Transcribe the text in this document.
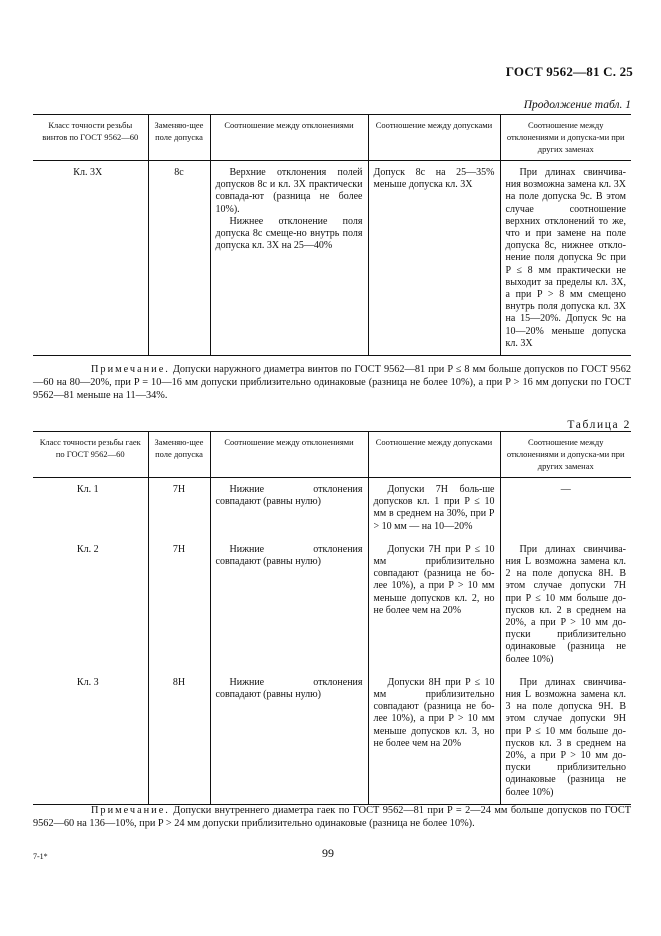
ГОСТ 9562—81 С. 25
Продолжение табл. 1
Класс точности резьбы винтов по ГОСТ 9562—60	Заменяю-щее поле допуска	Соотношение между отклонениями	Соотношение между допусками	Соотношение между отклонениями и допуска-ми при других заменах
Кл. 3Х	8с	Верхние отклонения полей допусков 8с и кл. 3Х практически совпада-ют (разница не более 10%).

Нижнее отклонение поля допуска 8с смеще-но внутрь поля допуска кл. 3Х на 25—40%	Допуск 8с на 25—35% меньше допуска кл. 3Х	При длинах свинчива-ния возможна замена кл. 3Х на поле допуска 9с. В этом случае соотношение верхних отклонений то же, что и при замене на поле допуска 8с, нижнее откло-нение поля допуска 9с при P ≤ 8 мм практически не выходит за пределы кл. 3Х, а при P > 8 мм смещено внутрь поля допуска кл. 3Х на 15—20%. Допуск 9с на 10—20% меньше допуска кл. 3Х

Примечание. Допуски наружного диаметра винтов по ГОСТ 9562—81 при P ≤ 8 мм больше допусков по ГОСТ 9562—60 на 80—20%, при P = 10—16 мм допуски приблизительно одинаковые (разница не более 10%), а при P > 16 мм допуски по ГОСТ 9562—81 меньше на 11—34%.

Таблица 2
Класс точности резьбы гаек по ГОСТ 9562—60	Заменяю-щее поле допуска	Соотношение между отклонениями	Соотношение между допусками	Соотношение между отклонениями и допуска-ми при других заменах
Кл. 1	7Н	Нижние отклонения совпадают (равны нулю)	Допуски 7Н боль-ше допусков кл. 1 при P ≤ 10 мм в среднем на 30%, при P > 10 мм — на 10—20%	—
Кл. 2	7Н	Нижние отклонения совпадают (равны нулю)	Допуски 7Н при P ≤ 10 мм приблизительно совпадают (разница не бо-лее 10%), а при P > 10 мм меньше допусков кл. 2, но не более чем на 20%	При длинах свинчива-ния L возможна замена кл. 2 на поле допуска 8Н. В этом случае допуски 7Н при P ≤ 10 мм больше до-пусков кл. 2 в среднем на 20%, а при P > 10 мм до-пуски приблизительно одинаковые (разница не более 10%)

Кл. 3	8Н	Нижние отклонения совпадают (равны нулю)	Допуски 8Н при P ≤ 10 мм приблизительно совпадают (разница не бо-лее 10%), а при P > 10 мм меньше допусков кл. 3, но не более чем на 20%	При длинах свинчива-ния L возможна замена кл. 3 на поле допуска 9Н. В этом случае допуски 9Н при P ≤ 10 мм больше до-пусков кл. 3 в среднем на 20%, а при P > 10 мм до-пуски приблизительно одинаковые (разница не более 10%)

Примечание. Допуски внутреннего диаметра гаек по ГОСТ 9562—81 при P = 2—24 мм больше допусков по ГОСТ 9562—60 на 136—10%, при P > 24 мм допуски приблизительно одинаковые (разница не более 10%).

7-1*	99
